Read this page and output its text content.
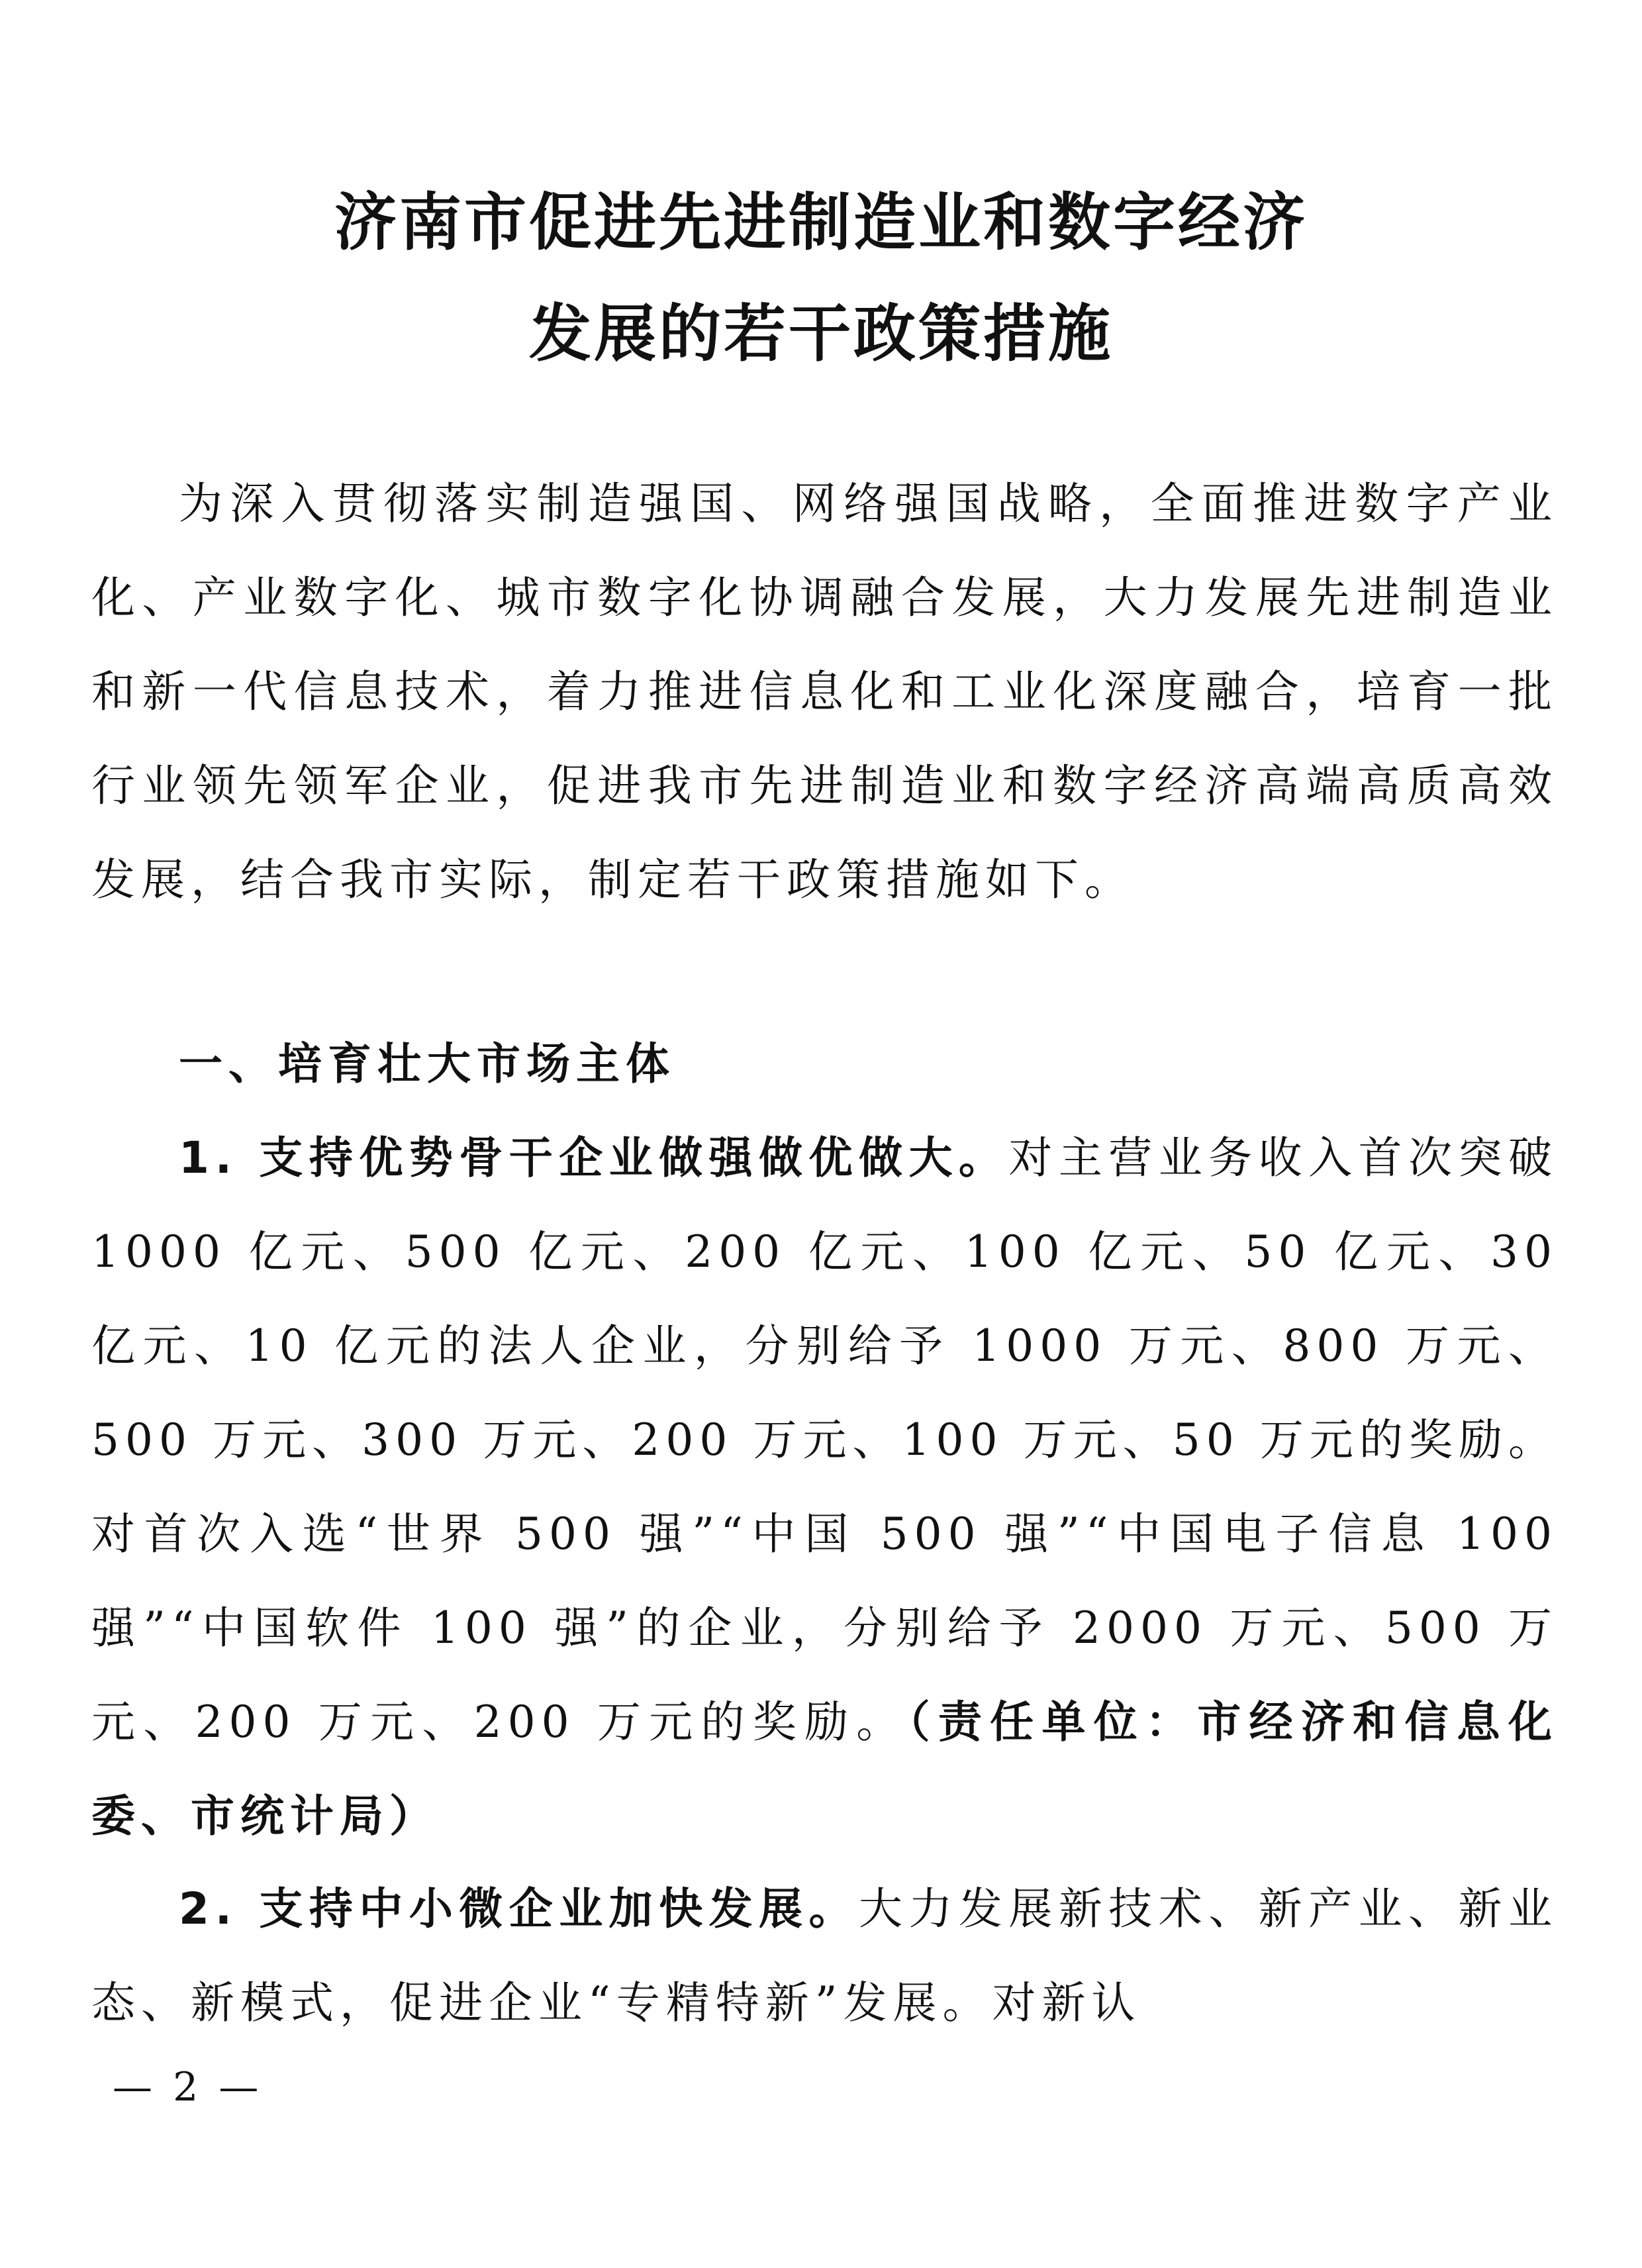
济南市促进先进制造业和数字经济
发展的若干政策措施
为深入贯彻落实制造强国、网络强国战略，全面推进数字产业化、产业数字化、城市数字化协调融合发展，大力发展先进制造业和新一代信息技术，着力推进信息化和工业化深度融合，培育一批行业领先领军企业，促进我市先进制造业和数字经济高端高质高效发展，结合我市实际，制定若干政策措施如下。
一、培育壮大市场主体
1. 支持优势骨干企业做强做优做大。对主营业务收入首次突破 1000 亿元、500 亿元、200 亿元、100 亿元、50 亿元、30 亿元、10 亿元的法人企业，分别给予 1000 万元、800 万元、500 万元、300 万元、200 万元、100 万元、50 万元的奖励。对首次入选“世界 500 强”“中国 500 强”“中国电子信息 100 强”“中国软件 100 强”的企业，分别给予 2000 万元、500 万元、200 万元、200 万元的奖励。（责任单位：市经济和信息化委、市统计局）
2. 支持中小微企业加快发展。大力发展新技术、新产业、新业态、新模式，促进企业“专精特新”发展。对新认
— 2 —
